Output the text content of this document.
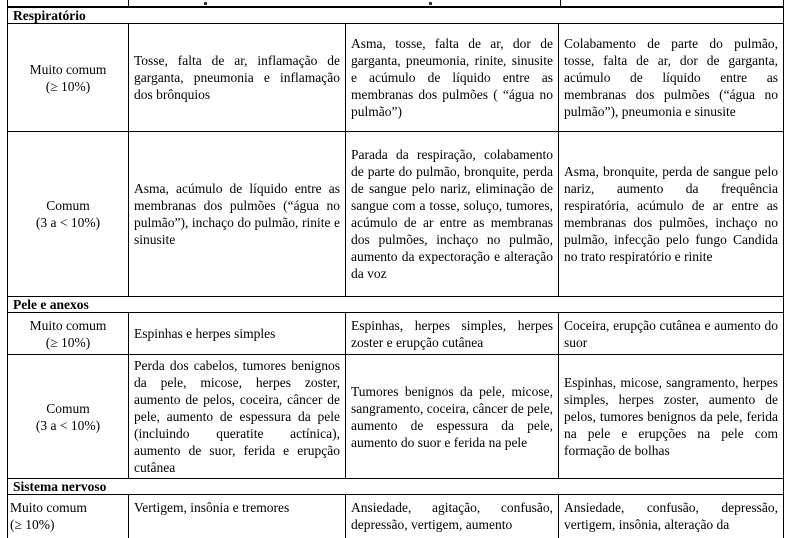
Respiratório
Muito comum
(≥ 10%)
Tosse, falta de ar, inflamação de garganta, pneumonia e inflamação dos brônquios
Asma, tosse, falta de ar, dor de garganta, pneumonia, rinite, sinusite e acúmulo de líquido entre as membranas dos pulmões ( “água no pulmão”)
Colabamento de parte do pulmão, tosse, falta de ar, dor de garganta, acúmulo de líquido entre as membranas dos pulmões (“água no pulmão”), pneumonia e sinusite
Comum
(3 a < 10%)
Asma, acúmulo de líquido entre as membranas dos pulmões (“água no pulmão”), inchaço do pulmão, rinite e sinusite
Parada da respiração, colabamento de parte do pulmão, bronquite, perda de sangue pelo nariz, eliminação de sangue com a tosse, soluço, tumores, acúmulo de ar entre as membranas dos pulmões, inchaço no pulmão, aumento da expectoração e alteração da voz
Asma, bronquite, perda de sangue pelo nariz, aumento da frequência respiratória, acúmulo de ar entre as membranas dos pulmões, inchaço no pulmão, infecção pelo fungo Candida no trato respiratório e rinite
Pele e anexos
Muito comum
(≥ 10%)
Espinhas e herpes simples
Espinhas, herpes simples, herpes zoster e erupção cutânea
Coceira, erupção cutânea e aumento do suor
Comum
(3 a < 10%)
Perda dos cabelos, tumores benignos da pele, micose, herpes zoster, aumento de pelos, coceira, câncer de pele, aumento de espessura da pele (incluindo queratite actínica), aumento de suor, ferida e erupção cutânea
Tumores benignos da pele, micose, sangramento, coceira, câncer de pele, aumento de espessura da pele, aumento do suor e ferida na pele
Espinhas, micose, sangramento, herpes simples, herpes zoster, aumento de pelos, tumores benignos da pele, ferida na pele e erupções na pele com formação de bolhas
Sistema nervoso
Muito comum
(≥ 10%)
Vertigem, insônia e tremores	Ansiedade, agitação, confusão, depressão, vertigem, aumento
Ansiedade, confusão, depressão, vertigem, insônia, alteração da
